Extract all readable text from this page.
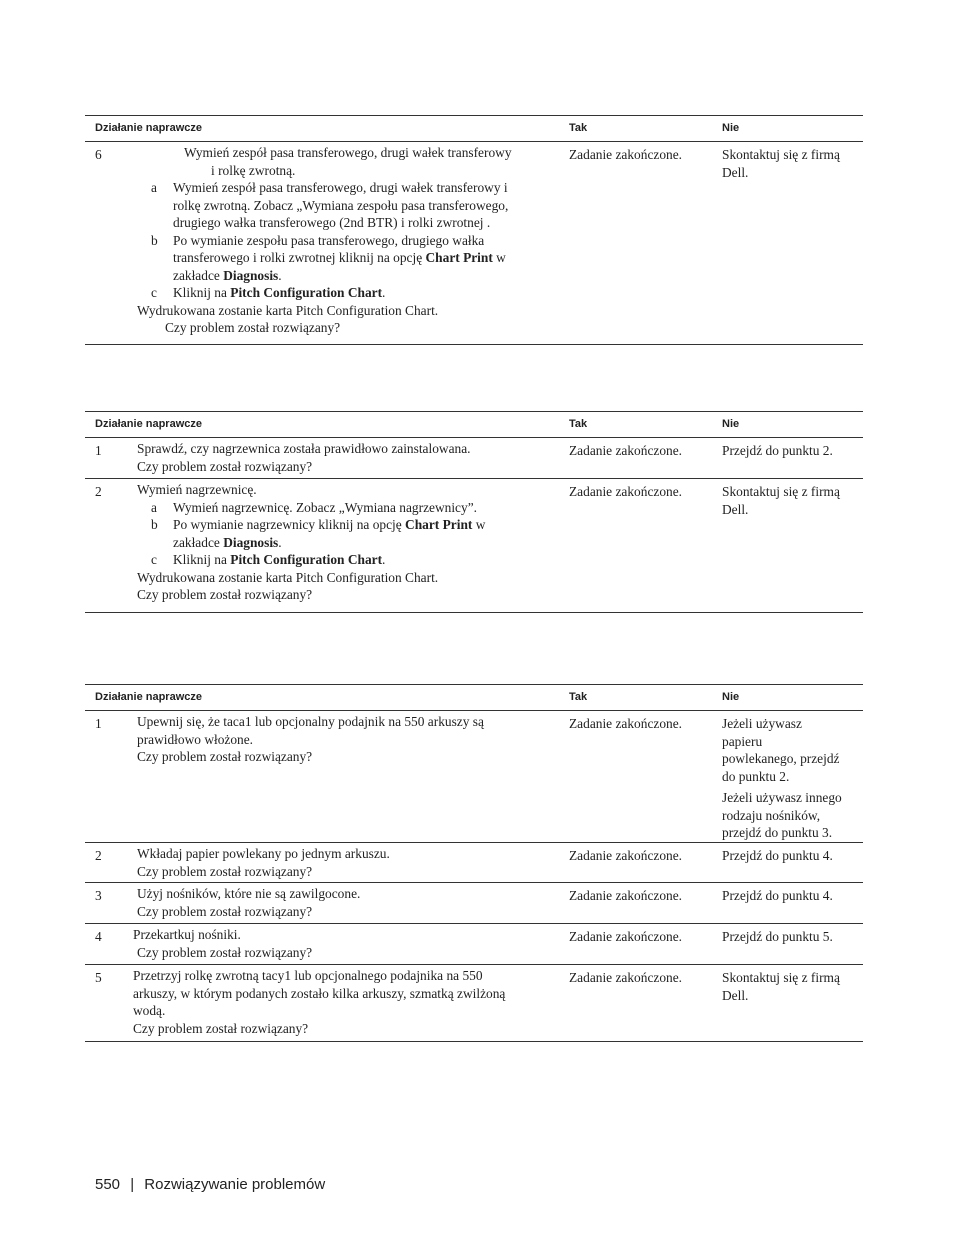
Działanie naprawcze	Tak	Nie
6	Wymień zespół pasa transferowego, drugi wałek transferowy
i rolkę zwrotną.
a Wymień zespół pasa transferowego, drugi wałek transferowy i
rolkę zwrotną. Zobacz „Wymiana zespołu pasa transferowego,
drugiego wałka transferowego (2nd BTR) i rolki zwrotnej .
b Po wymianie zespołu pasa transferowego, drugiego wałka
transferowego i rolki zwrotnej kliknij na opcję Chart Print w
zakładce Diagnosis.
c Kliknij na Pitch Configuration Chart.
Wydrukowana zostanie karta Pitch Configuration Chart.
Czy problem został rozwiązany?
Zadanie zakończone.	Skontaktuj się z firmą
Dell.
Działanie naprawcze	Tak	Nie
1	Sprawdź, czy nagrzewnica została prawidłowo zainstalowana.
Czy problem został rozwiązany?
Zadanie zakończone.	Przejdź do punktu 2.
2	Wymień nagrzewnicę.
a Wymień nagrzewnicę. Zobacz „Wymiana nagrzewnicy”.
b Po wymianie nagrzewnicy kliknij na opcję Chart Print w
zakładce Diagnosis.
c Kliknij na Pitch Configuration Chart.
Wydrukowana zostanie karta Pitch Configuration Chart.
Czy problem został rozwiązany?
Zadanie zakończone.	Skontaktuj się z firmą
Dell.
Działanie naprawcze	Tak	Nie
1	Upewnij się, że taca1 lub opcjonalny podajnik na 550 arkuszy są
prawidłowo włożone.
Czy problem został rozwiązany?
Zadanie zakończone.	Jeżeli używasz
papieru
powlekanego, przejdź
do punktu 2.
Jeżeli używasz innego
rodzaju nośników,
przejdź do punktu 3.
2	Wkładaj papier powlekany po jednym arkuszu.
Czy problem został rozwiązany?
Zadanie zakończone.	Przejdź do punktu 4.
3	Użyj nośników, które nie są zawilgocone.
Czy problem został rozwiązany?
Zadanie zakończone.	Przejdź do punktu 4.
4 Przekartkuj nośniki.
Czy problem został rozwiązany?
Zadanie zakończone.	Przejdź do punktu 5.
5 Przetrzyj rolkę zwrotną tacy1 lub opcjonalnego podajnika na 550
arkuszy, w którym podanych zostało kilka arkuszy, szmatką zwilżoną
wodą.
Czy problem został rozwiązany?
Zadanie zakończone.	Skontaktuj się z firmą
Dell.
550 | Rozwiązywanie problemów
